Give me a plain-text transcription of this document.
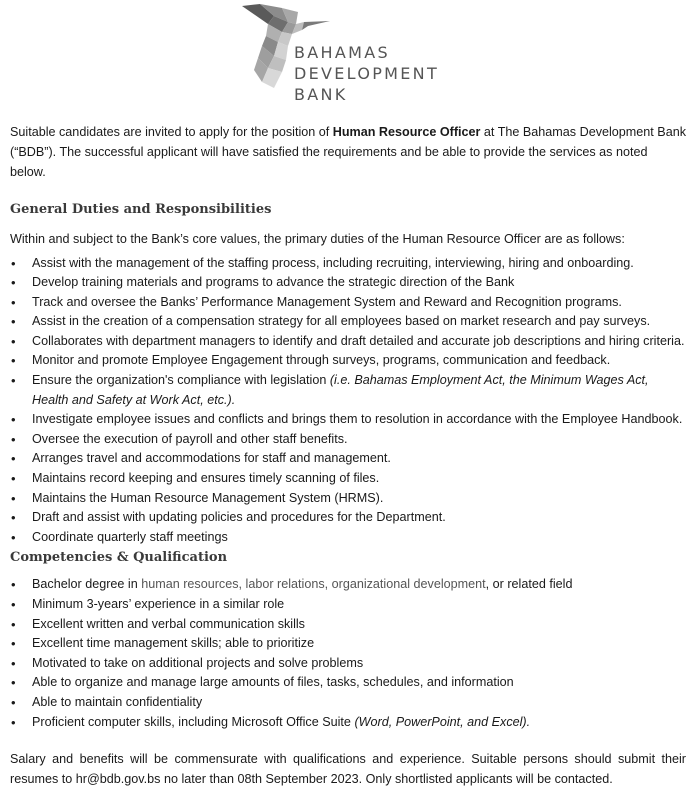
BAHAMAS
DEVELOPMENT
BANK

Suitable candidates are invited to apply for the position of Human Resource Officer at The Bahamas Development Bank (“BDB”). The successful applicant will have satisfied the requirements and be able to provide the services as noted below.

General Duties and Responsibilities

Within and subject to the Bank’s core values, the primary duties of the Human Resource Officer are as follows:

• Assist with the management of the staffing process, including recruiting, interviewing, hiring and onboarding.
• Develop training materials and programs to advance the strategic direction of the Bank
• Track and oversee the Banks’ Performance Management System and Reward and Recognition programs.
• Assist in the creation of a compensation strategy for all employees based on market research and pay surveys.
• Collaborates with department managers to identify and draft detailed and accurate job descriptions and hiring criteria.
• Monitor and promote Employee Engagement through surveys, programs, communication and feedback.
• Ensure the organization's compliance with legislation (i.e. Bahamas Employment Act, the Minimum Wages Act, Health and Safety at Work Act, etc.).
• Investigate employee issues and conflicts and brings them to resolution in accordance with the Employee Handbook.
• Oversee the execution of payroll and other staff benefits.
• Arranges travel and accommodations for staff and management.
• Maintains record keeping and ensures timely scanning of files.
• Maintains the Human Resource Management System (HRMS).
• Draft and assist with updating policies and procedures for the Department.
• Coordinate quarterly staff meetings
Competencies & Qualification
• Bachelor degree in human resources, labor relations, organizational development, or related field
• Minimum 3-years’ experience in a similar role
• Excellent written and verbal communication skills
• Excellent time management skills; able to prioritize
• Motivated to take on additional projects and solve problems
• Able to organize and manage large amounts of files, tasks, schedules, and information
• Able to maintain confidentiality
• Proficient computer skills, including Microsoft Office Suite (Word, PowerPoint, and Excel).

Salary and benefits will be commensurate with qualifications and experience. Suitable persons should submit their resumes to hr@bdb.gov.bs no later than 08th September 2023. Only shortlisted applicants will be contacted.
